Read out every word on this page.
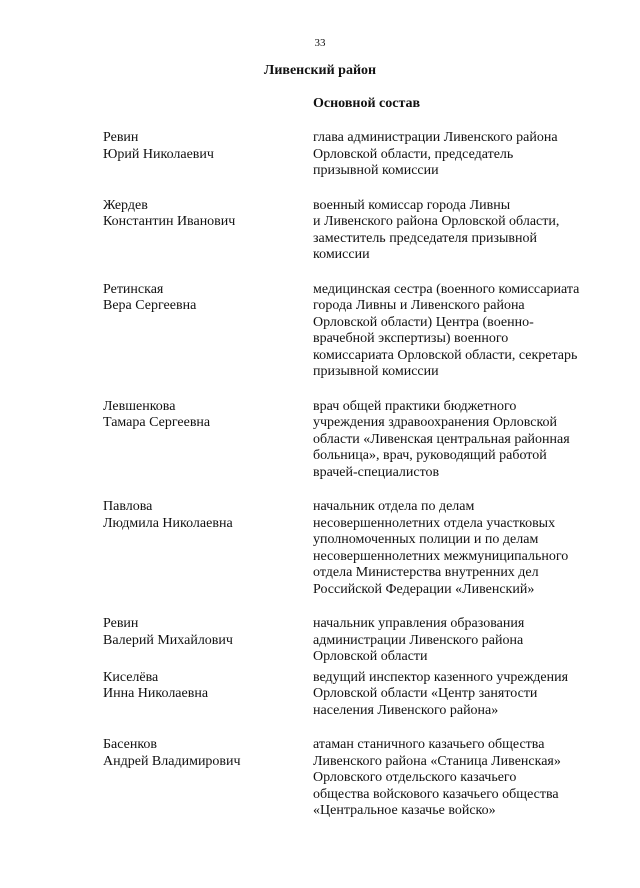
33
Ливенский район
Основной состав
Ревин
Юрий Николаевич
глава администрации Ливенского района
Орловской области, председатель
призывной комиссии
Жердев
Константин Иванович
военный комиссар города Ливны
и Ливенского района Орловской области,
заместитель председателя призывной
комиссии
Ретинская
Вера Сергеевна
медицинская сестра (военного комиссариата
города Ливны и Ливенского района
Орловской области) Центра (военно-
врачебной экспертизы) военного
комиссариата Орловской области, секретарь
призывной комиссии
Левшенкова
Тамара Сергеевна
врач общей практики бюджетного
учреждения здравоохранения Орловской
области «Ливенская центральная районная
больница», врач, руководящий работой
врачей-специалистов
Павлова
Людмила Николаевна
начальник отдела по делам
несовершеннолетних отдела участковых
уполномоченных полиции и по делам
несовершеннолетних межмуниципального
отдела Министерства внутренних дел
Российской Федерации «Ливенский»
Ревин
Валерий Михайлович
начальник управления образования
администрации Ливенского района
Орловской области
Киселёва
Инна Николаевна
ведущий инспектор казенного учреждения
Орловской области «Центр занятости
населения Ливенского района»
Басенков
Андрей Владимирович
атаман станичного казачьего общества
Ливенского района «Станица Ливенская»
Орловского отдельского казачьего
общества войскового казачьего общества
«Центральное казачье войско»
